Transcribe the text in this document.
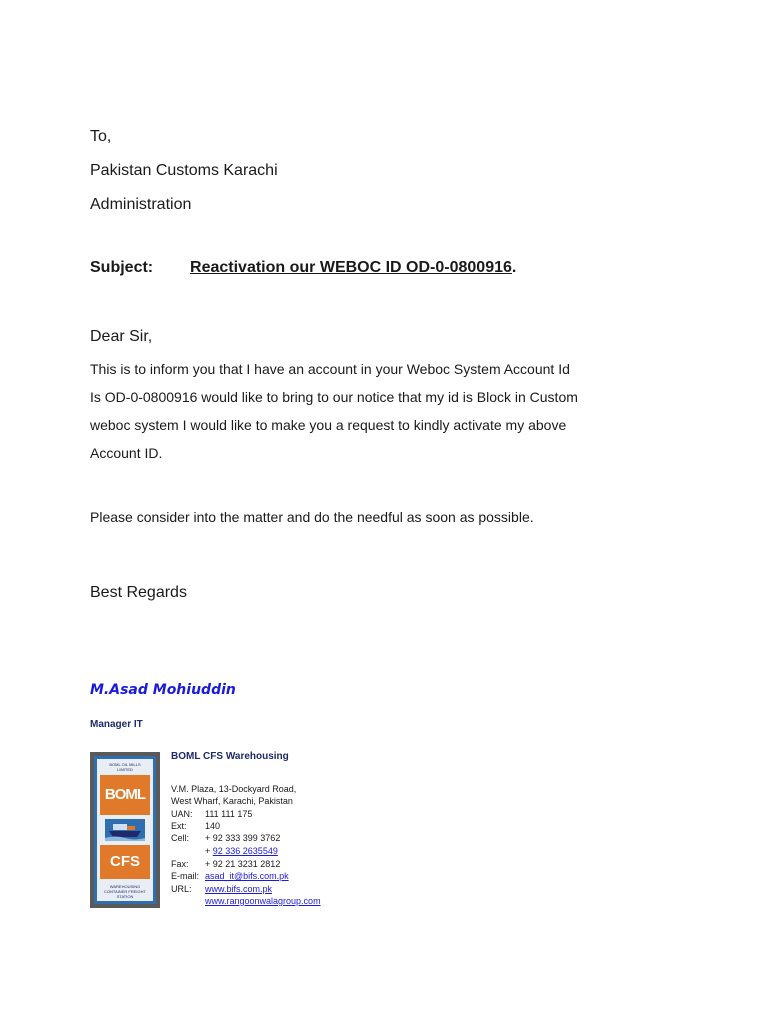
To,
Pakistan Customs Karachi
Administration
Subject: Reactivation our WEBOC ID OD-0-0800916.
Dear Sir,
This is to inform you that I have an account in your Weboc System Account Id
Is OD-0-0800916 would like to bring to our notice that my id is Block in Custom
weboc system I would like to make you a request to kindly activate my above
Account ID.
Please consider into the matter and do the needful as soon as possible.
Best Regards
M.Asad Mohiuddin
Manager IT
BOML OIL MILLS LIMITED
BOML
CFS
WAREHOUSING
CONTAINER FREIGHT STATION
BOML CFS Warehousing
V.M. Plaza, 13-Dockyard Road,
West Wharf, Karachi, Pakistan
UAN: 111 111 175
Ext: 140
Cell: + 92 333 399 3762
+ 92 336 2635549
Fax: + 92 21 3231 2812
E-mail: asad_it@bifs.com.pk
URL: www.bifs.com.pk
www.rangoonwalagroup.com
